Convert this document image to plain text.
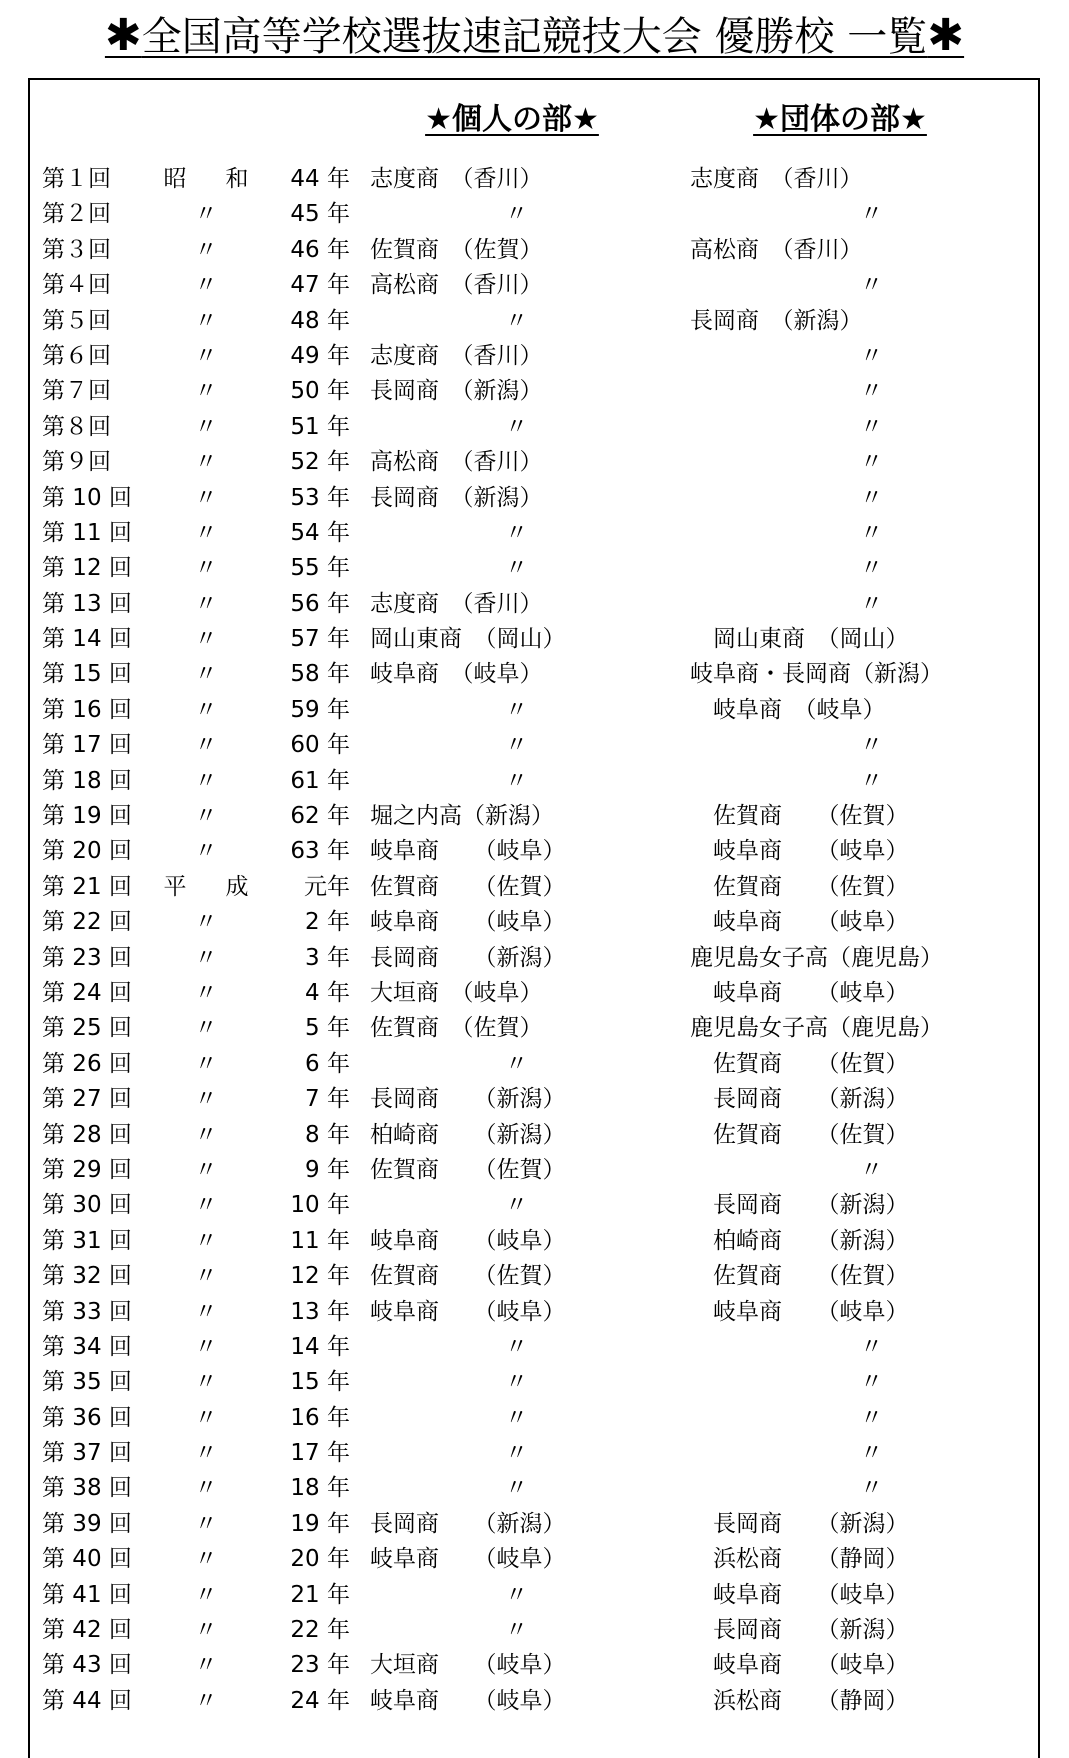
✱全国高等学校選抜速記競技大会 優勝校 一覧✱
★個人の部★	★団体の部★
第１回	昭　和	44 年 志度商　（香川）	志度商　（香川）
第２回	〃	45 年	〃	〃
第３回	〃	46 年 佐賀商　（佐賀）	高松商　（香川）
第４回	〃	47 年 高松商　（香川）	〃
第５回	〃	48 年	〃	長岡商　（新潟）
第６回	〃	49 年 志度商　（香川）	〃
第７回	〃	50 年 長岡商　（新潟）	〃
第８回	〃	51 年	〃	〃
第９回	〃	52 年 高松商　（香川）	〃
第 10 回	〃	53 年 長岡商　（新潟）	〃
第 11 回	〃	54 年	〃	〃
第 12 回	〃	55 年	〃	〃
第 13 回	〃	56 年 志度商　（香川）	〃
第 14 回	〃	57 年 岡山東商　（岡山）	　岡山東商　（岡山）
第 15 回	〃	58 年 岐阜商　（岐阜）	岐阜商・長岡商（新潟）
第 16 回	〃	59 年	〃	　岐阜商　（岐阜）
第 17 回	〃	60 年	〃	〃
第 18 回	〃	61 年	〃	〃
第 19 回	〃	62 年 堀之内高（新潟）	　佐賀商　　（佐賀）
第 20 回	〃	63 年 岐阜商　　（岐阜）	　岐阜商　　（岐阜）
第 21 回	平　成	元年 佐賀商　　（佐賀）	　佐賀商　　（佐賀）
第 22 回	〃	2 年 岐阜商　　（岐阜）	　岐阜商　　（岐阜）
第 23 回	〃	3 年 長岡商　　（新潟）	鹿児島女子高（鹿児島）
第 24 回	〃	4 年 大垣商　（岐阜）	　岐阜商　　（岐阜）
第 25 回	〃	5 年 佐賀商　（佐賀）	鹿児島女子高（鹿児島）
第 26 回	〃	6 年	〃	　佐賀商　　（佐賀）
第 27 回	〃	7 年 長岡商　　（新潟）	　長岡商　　（新潟）
第 28 回	〃	8 年 柏崎商　　（新潟）	　佐賀商　　（佐賀）
第 29 回	〃	9 年 佐賀商　　（佐賀）	〃
第 30 回	〃	10 年	〃	　長岡商　　（新潟）
第 31 回	〃	11 年 岐阜商　　（岐阜）	　柏崎商　　（新潟）
第 32 回	〃	12 年 佐賀商　　（佐賀）	　佐賀商　　（佐賀）
第 33 回	〃	13 年 岐阜商　　（岐阜）	　岐阜商　　（岐阜）
第 34 回	〃	14 年	〃	〃
第 35 回	〃	15 年	〃	〃
第 36 回	〃	16 年	〃	〃
第 37 回	〃	17 年	〃	〃
第 38 回	〃	18 年	〃	〃
第 39 回	〃	19 年 長岡商　　（新潟）	　長岡商　　（新潟）
第 40 回	〃	20 年 岐阜商　　（岐阜）	　浜松商　　（静岡）
第 41 回	〃	21 年	〃	　岐阜商　　（岐阜）
第 42 回	〃	22 年	〃	　長岡商　　（新潟）
第 43 回	〃	23 年 大垣商　　（岐阜）	　岐阜商　　（岐阜）
第 44 回	〃	24 年 岐阜商　　（岐阜）	　浜松商　　（静岡）
